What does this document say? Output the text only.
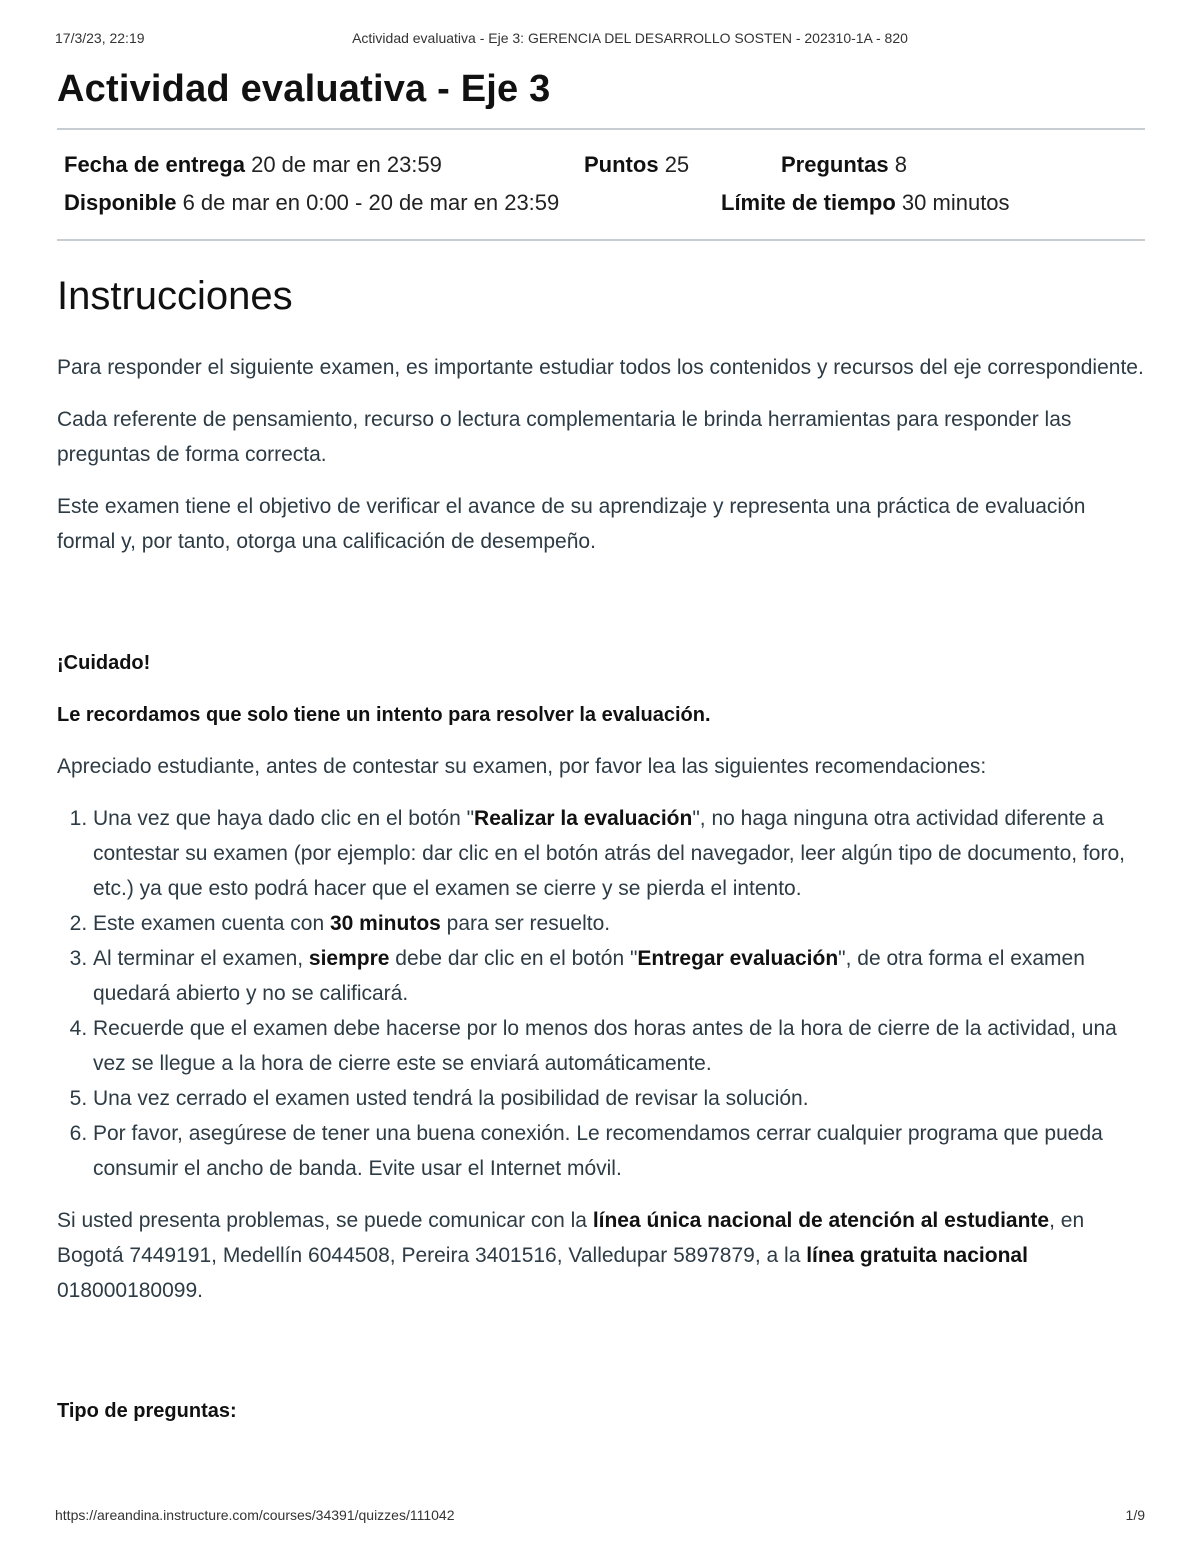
17/3/23, 22:19	Actividad evaluativa - Eje 3: GERENCIA DEL DESARROLLO SOSTEN - 202310-1A - 820
Actividad evaluativa - Eje 3
Fecha de entrega 20 de mar en 23:59	Puntos 25	Preguntas 8
Disponible 6 de mar en 0:00 - 20 de mar en 23:59	Límite de tiempo 30 minutos
Instrucciones

Para responder el siguiente examen, es importante estudiar todos los contenidos y recursos del eje correspondiente.

Cada referente de pensamiento, recurso o lectura complementaria le brinda herramientas para responder las preguntas de forma correcta.

Este examen tiene el objetivo de verificar el avance de su aprendizaje y representa una práctica de evaluación formal y, por tanto, otorga una calificación de desempeño.

¡Cuidado!

Le recordamos que solo tiene un intento para resolver la evaluación.

Apreciado estudiante, antes de contestar su examen, por favor lea las siguientes recomendaciones:

1. Una vez que haya dado clic en el botón "Realizar la evaluación", no haga ninguna otra actividad diferente a contestar su examen (por ejemplo: dar clic en el botón atrás del navegador, leer algún tipo de documento, foro, etc.) ya que esto podrá hacer que el examen se cierre y se pierda el intento.
2. Este examen cuenta con 30 minutos para ser resuelto.
3. Al terminar el examen, siempre debe dar clic en el botón "Entregar evaluación", de otra forma el examen quedará abierto y no se calificará.
4. Recuerde que el examen debe hacerse por lo menos dos horas antes de la hora de cierre de la actividad, una vez se llegue a la hora de cierre este se enviará automáticamente.
5. Una vez cerrado el examen usted tendrá la posibilidad de revisar la solución.
6. Por favor, asegúrese de tener una buena conexión. Le recomendamos cerrar cualquier programa que pueda consumir el ancho de banda. Evite usar el Internet móvil.

Si usted presenta problemas, se puede comunicar con la línea única nacional de atención al estudiante, en Bogotá 7449191, Medellín 6044508, Pereira 3401516, Valledupar 5897879, a la línea gratuita nacional 018000180099.

Tipo de preguntas:

https://areandina.instructure.com/courses/34391/quizzes/111042	1/9
